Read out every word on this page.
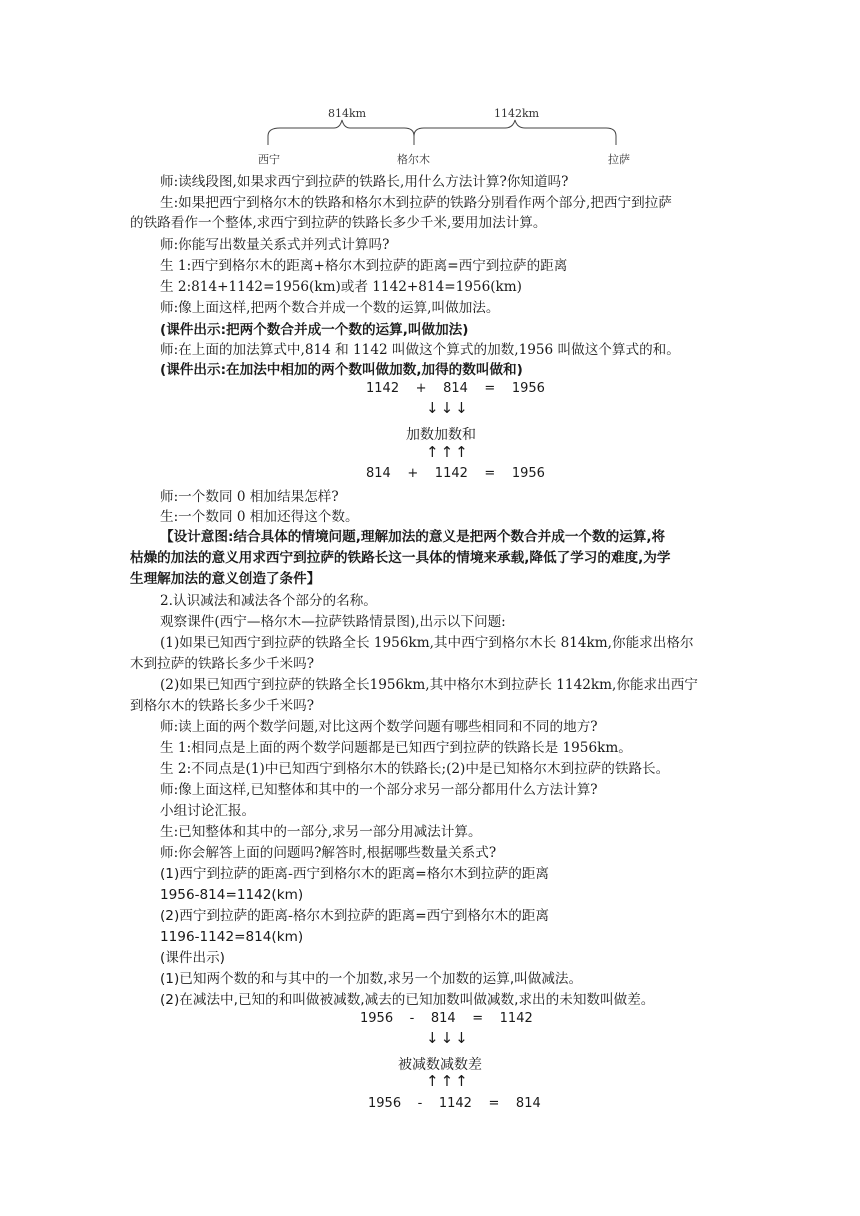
814km	1142km
西宁	格尔木	拉萨
师:读线段图,如果求西宁到拉萨的铁路长,用什么方法计算?你知道吗?
生:如果把西宁到格尔木的铁路和格尔木到拉萨的铁路分别看作两个部分,把西宁到拉萨
的铁路看作一个整体,求西宁到拉萨的铁路长多少千米,要用加法计算。
师:你能写出数量关系式并列式计算吗?
生 1:西宁到格尔木的距离+格尔木到拉萨的距离=西宁到拉萨的距离
生 2:814+1142=1956(km)或者 1142+814=1956(km)
师:像上面这样,把两个数合并成一个数的运算,叫做加法。
(课件出示:把两个数合并成一个数的运算,叫做加法)
师:在上面的加法算式中,814 和 1142 叫做这个算式的加数,1956 叫做这个算式的和。
(课件出示:在加法中相加的两个数叫做加数,加得的数叫做和)
1142 + 814 = 1956
↓↓↓
加数加数和
↑↑↑
814 + 1142 = 1956
师:一个数同 0 相加结果怎样?
生:一个数同 0 相加还得这个数。
【设计意图:结合具体的情境问题,理解加法的意义是把两个数合并成一个数的运算,将
枯燥的加法的意义用求西宁到拉萨的铁路长这一具体的情境来承载,降低了学习的难度,为学
生理解加法的意义创造了条件】
2.认识减法和减法各个部分的名称。
观察课件(西宁—格尔木—拉萨铁路情景图),出示以下问题:
(1)如果已知西宁到拉萨的铁路全长 1956km,其中西宁到格尔木长 814km,你能求出格尔
木到拉萨的铁路长多少千米吗?
(2)如果已知西宁到拉萨的铁路全长1956km,其中格尔木到拉萨长 1142km,你能求出西宁
到格尔木的铁路长多少千米吗?
师:读上面的两个数学问题,对比这两个数学问题有哪些相同和不同的地方?
生 1:相同点是上面的两个数学问题都是已知西宁到拉萨的铁路长是 1956km。
生 2:不同点是(1)中已知西宁到格尔木的铁路长;(2)中是已知格尔木到拉萨的铁路长。
师:像上面这样,已知整体和其中的一个部分求另一部分都用什么方法计算?
小组讨论汇报。
生:已知整体和其中的一部分,求另一部分用减法计算。
师:你会解答上面的问题吗?解答时,根据哪些数量关系式?
(1)西宁到拉萨的距离-西宁到格尔木的距离=格尔木到拉萨的距离
1956-814=1142(km)
(2)西宁到拉萨的距离-格尔木到拉萨的距离=西宁到格尔木的距离
1196-1142=814(km)
(课件出示)
(1)已知两个数的和与其中的一个加数,求另一个加数的运算,叫做减法。
(2)在减法中,已知的和叫做被减数,减去的已知加数叫做减数,求出的未知数叫做差。
1956 - 814 = 1142
↓↓↓
被减数减数差
↑↑↑
1956 - 1142 = 814
